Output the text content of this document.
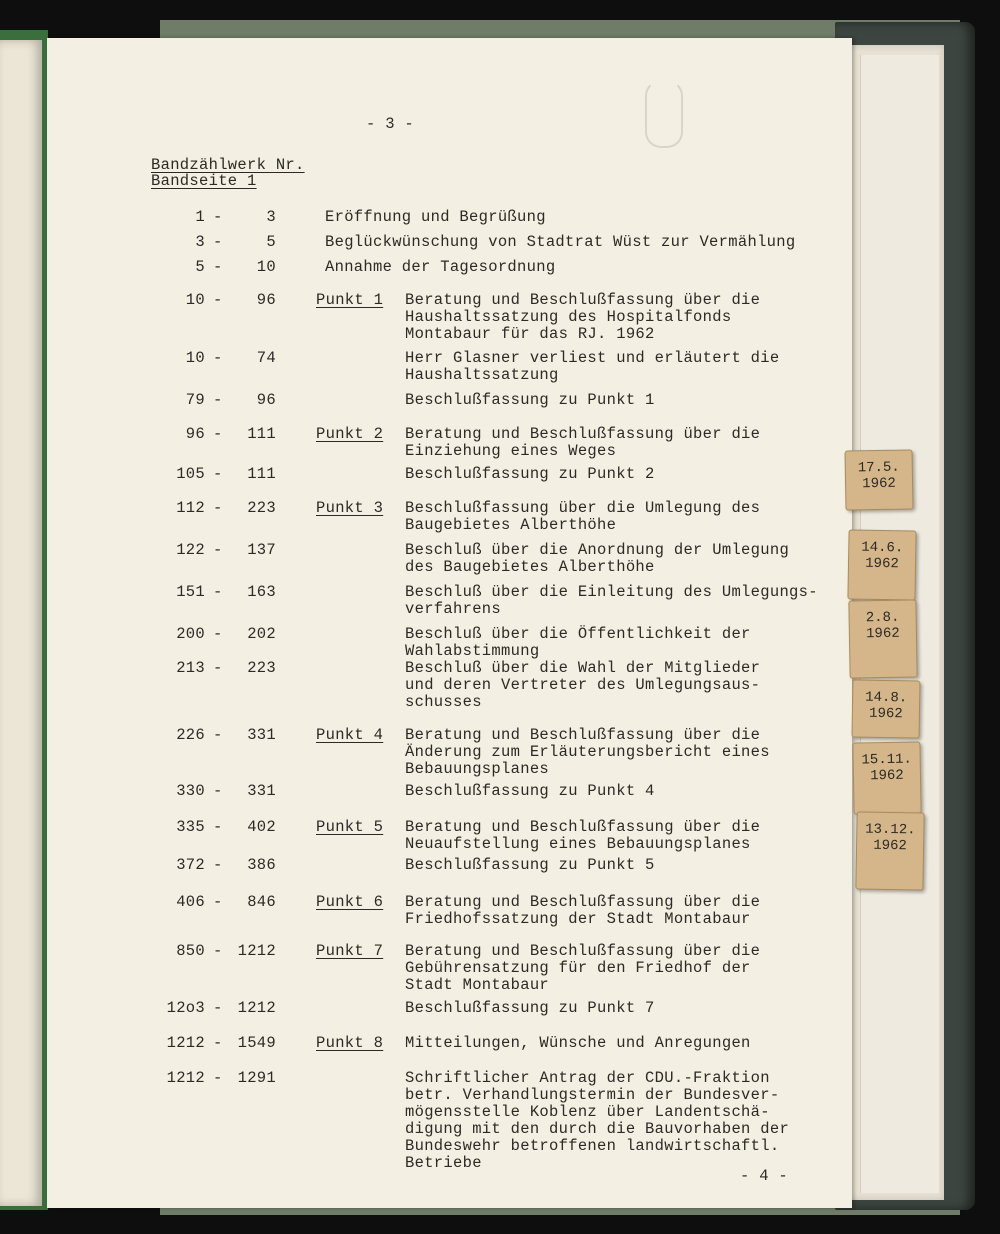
- 3 -
Bandzählwerk Nr.
Bandseite 1
- 4 -
1 -	3	Eröffnung und Begrüßung
3 -	5	Beglückwünschung von Stadtrat Wüst zur Vermählung
5 -	10	Annahme der Tagesordnung
10 -	96	Punkt 1 Beratung und Beschlußfassung über die
Haushaltssatzung des Hospitalfonds
Montabaur für das RJ. 1962
10 -	74	Herr Glasner verliest und erläutert die
Haushaltssatzung
79 -	96	Beschlußfassung zu Punkt 1
96 -	111	Punkt 2 Beratung und Beschlußfassung über die
Einziehung eines Weges
105 -	111	Beschlußfassung zu Punkt 2
112 -	223	Punkt 3 Beschlußfassung über die Umlegung des
Baugebietes Alberthöhe
122 -	137	Beschluß über die Anordnung der Umlegung
des Baugebietes Alberthöhe
151 -	163	Beschluß über die Einleitung des Umlegungs-
verfahrens
200 -	202	Beschluß über die Öffentlichkeit der
Wahlabstimmung
213 -	223	Beschluß über die Wahl der Mitglieder
und deren Vertreter des Umlegungsaus-
schusses
226 -	331	Punkt 4 Beratung und Beschlußfassung über die
Änderung zum Erläuterungsbericht eines
Bebauungsplanes
330 -	331	Beschlußfassung zu Punkt 4
335 -	402	Punkt 5 Beratung und Beschlußfassung über die
Neuaufstellung eines Bebauungsplanes
372 -	386	Beschlußfassung zu Punkt 5
406 -	846	Punkt 6 Beratung und Beschlußfassung über die
Friedhofssatzung der Stadt Montabaur
850 - 1212	Punkt 7 Beratung und Beschlußfassung über die
Gebührensatzung für den Friedhof der
Stadt Montabaur
12o3 - 1212	Beschlußfassung zu Punkt 7
1212 - 1549	Punkt 8 Mitteilungen, Wünsche und Anregungen
1212 - 1291	Schriftlicher Antrag der CDU.-Fraktion
betr. Verhandlungstermin der Bundesver-
mögensstelle Koblenz über Landentschä-
digung mit den durch die Bauvorhaben der
Bundeswehr betroffenen landwirtschaftl.
Betriebe
17.5.
1962
14.6.
1962
2.8.
1962
14.8.
1962
15.11.
1962
13.12.
1962
